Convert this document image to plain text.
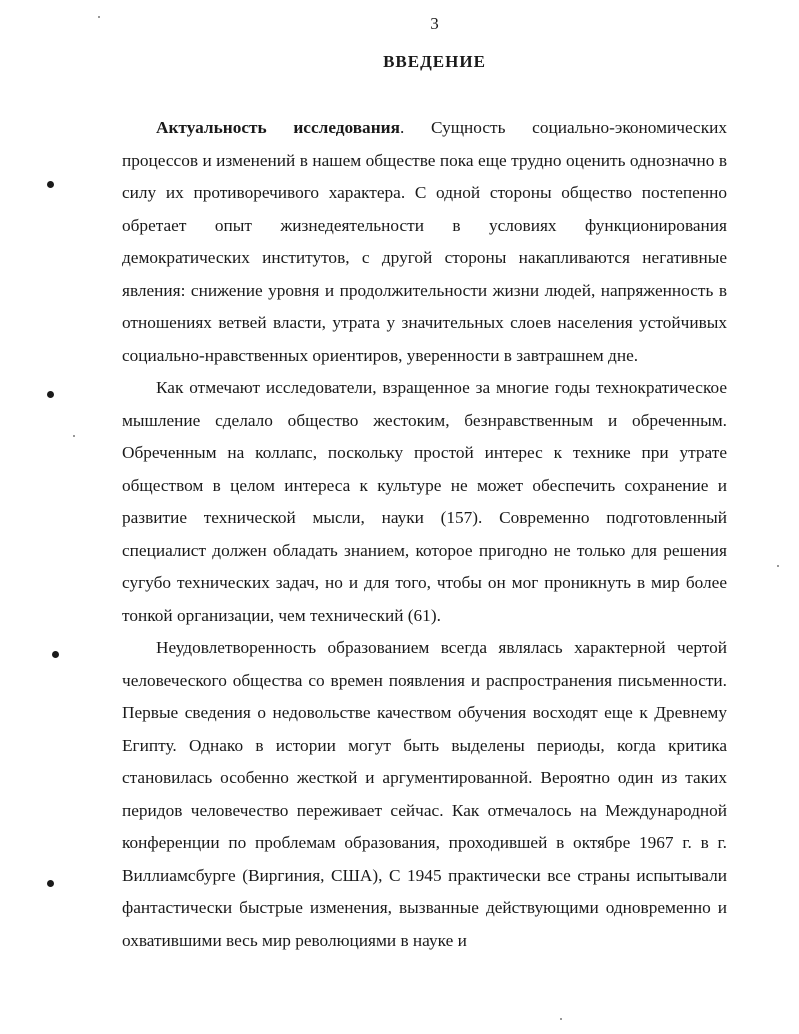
3
ВВЕДЕНИЕ

Актуальность исследования. Сущность социально-экономических процессов и изменений в нашем обществе пока еще трудно оценить однозначно в силу их противоречивого характера. С одной стороны общество постепенно обретает опыт жизнедеятельности в условиях функционирования демократических институтов, с другой стороны накапливаются негативные явления: снижение уровня и продолжительности жизни людей, напряженность в отношениях ветвей власти, утрата у значительных слоев населения устойчивых социально-нравственных ориентиров, уверенности в завтрашнем дне.

Как отмечают исследователи, взращенное за многие годы технократическое мышление сделало общество жестоким, безнравственным и обреченным. Обреченным на коллапс, поскольку простой интерес к технике при утрате обществом в целом интереса к культуре не может обеспечить сохранение и развитие технической мысли, науки (157). Современно подготовленный специалист должен обладать знанием, которое пригодно не только для решения сугубо технических задач, но и для того, чтобы он мог проникнуть в мир более тонкой организации, чем технический (61).

Неудовлетворенность образованием всегда являлась характерной чертой человеческого общества со времен появления и распространения письменности. Первые сведения о недовольстве качеством обучения восходят еще к Древнему Египту. Однако в истории могут быть выделены периоды, когда критика становилась особенно жесткой и аргументированной. Вероятно один из таких перидов человечество переживает сейчас. Как отмечалось на Международной конференции по проблемам образования, проходившей в октябре 1967 г. в г. Виллиамсбурге (Виргиния, США), С 1945 практически все страны испытывали фантастически быстрые изменения, вызванные действующими одновременно и охватившими весь мир революциями в науке и
